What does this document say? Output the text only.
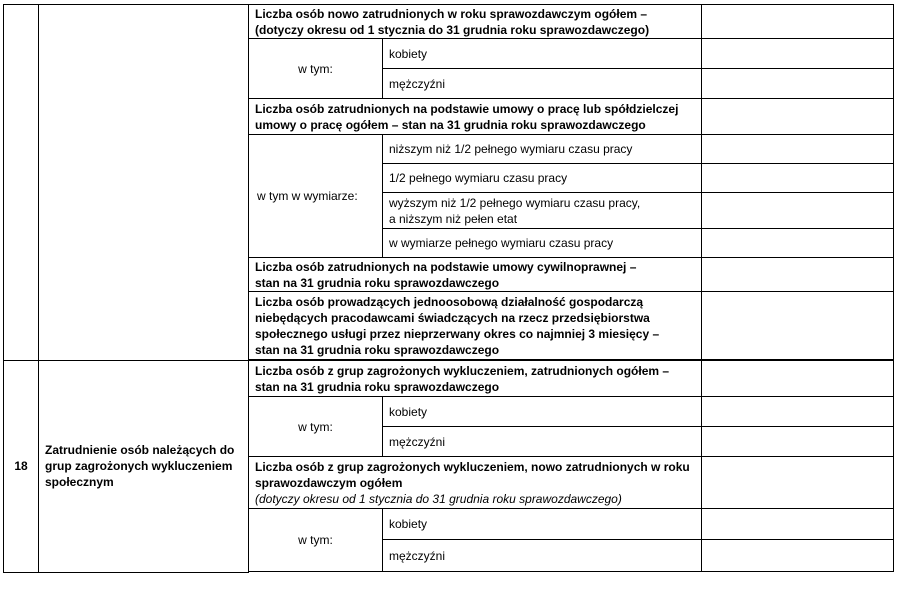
		Liczba osób nowo zatrudnionych w roku sprawozdawczym ogółem –
(dotyczy okresu od 1 stycznia do 31 grudnia roku sprawozdawczego)		

		w tym:	kobiety	
			mężczyźni	

		Liczba osób zatrudnionych na podstawie umowy o pracę lub spółdzielczej
umowy o pracę ogółem – stan na 31 grudnia roku sprawozdawczego		

		w tym w wymiarze:	niższym niż 1/2 pełnego wymiaru czasu pracy	
			1/2 pełnego wymiaru czasu pracy	

			wyższym niż 1/2 pełnego wymiaru czasu pracy,
a niższym niż pełen etat	

			w wymiarze pełnego wymiaru czasu pracy	

		Liczba osób zatrudnionych na podstawie umowy cywilnoprawnej –
stan na 31 grudnia roku sprawozdawczego		

		Liczba osób prowadzących jednoosobową działalność gospodarczą
niebędących pracodawcami świadczących na rzecz przedsiębiorstwa
społecznego usługi przez nieprzerwany okres co najmniej 3 miesięcy –
stan na 31 grudnia roku sprawozdawczego		

18	Zatrudnienie osób należących do
grup zagrożonych wykluczeniem
społecznym	Liczba osób z grup zagrożonych wykluczeniem, zatrudnionych ogółem –
stan na 31 grudnia roku sprawozdawczego		

		w tym:	kobiety	
			mężczyźni	

		Liczba osób z grup zagrożonych wykluczeniem, nowo zatrudnionych w roku
sprawozdawczym ogółem
(dotyczy okresu od 1 stycznia do 31 grudnia roku sprawozdawczego)		

		w tym:	kobiety	
			mężczyźni	
